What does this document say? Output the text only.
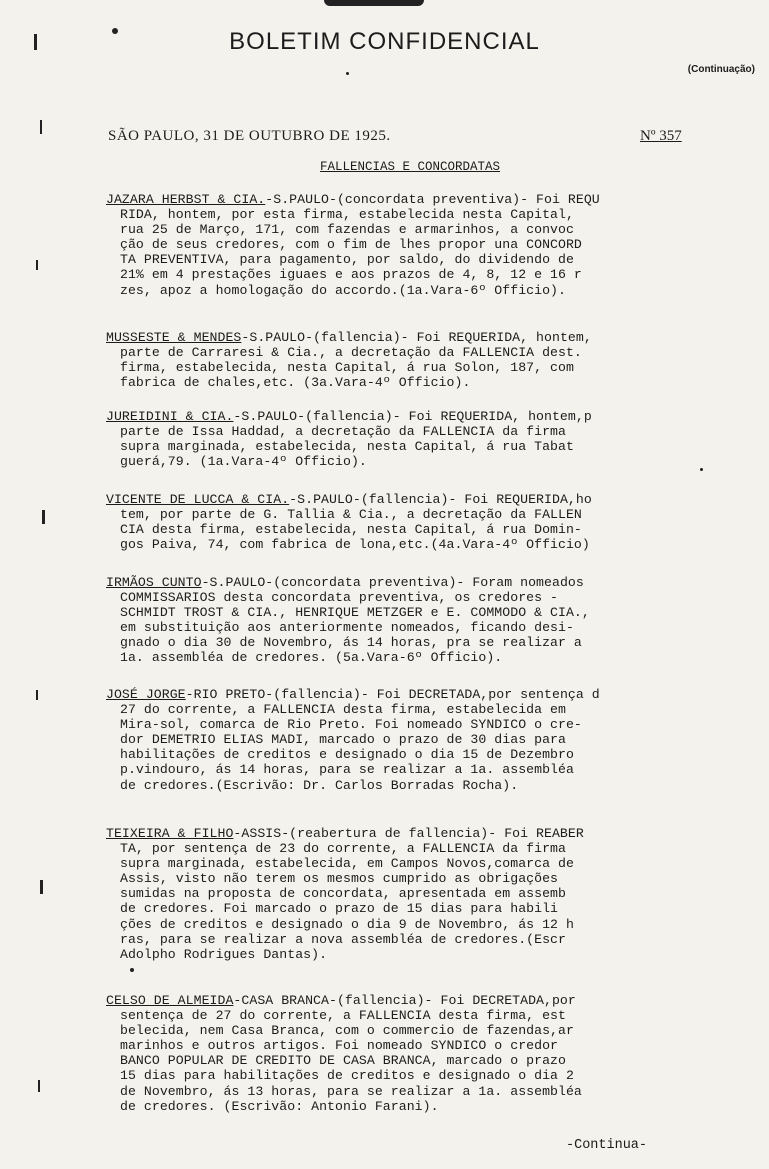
BOLETIM CONFIDENCIAL
(Continuação)
SÃO PAULO, 31 DE OUTUBRO DE 1925.	Nº 357
FALLENCIAS E CONCORDATAS
JAZARA HERBST & CIA.-S.PAULO-(concordata preventiva)- Foi REQU
RIDA, hontem, por esta firma, estabelecida nesta Capital,
rua 25 de Março, 171, com fazendas e armarinhos, a convoc
ção de seus credores, com o fim de lhes propor una CONCORD
TA PREVENTIVA, para pagamento, por saldo, do dividendo de
21% em 4 prestações iguaes e aos prazos de 4, 8, 12 e 16 r
zes, apoz a homologação do accordo.(1a.Vara-6º Officio).
MUSSESTE & MENDES-S.PAULO-(fallencia)- Foi REQUERIDA, hontem,
parte de Carraresi & Cia., a decretação da FALLENCIA dest.
firma, estabelecida, nesta Capital, á rua Solon, 187, com
fabrica de chales,etc. (3a.Vara-4º Officio).
JUREIDINI & CIA.-S.PAULO-(fallencia)- Foi REQUERIDA, hontem,p
parte de Issa Haddad, a decretação da FALLENCIA da firma
supra marginada, estabelecida, nesta Capital, á rua Tabat
guerá,79. (1a.Vara-4º Officio).
VICENTE DE LUCCA & CIA.-S.PAULO-(fallencia)- Foi REQUERIDA,ho
tem, por parte de G. Tallia & Cia., a decretação da FALLEN
CIA desta firma, estabelecida, nesta Capital, á rua Domin-
gos Paiva, 74, com fabrica de lona,etc.(4a.Vara-4º Officio)
IRMÃOS CUNTO-S.PAULO-(concordata preventiva)- Foram nomeados
COMMISSARIOS desta concordata preventiva, os credores -
SCHMIDT TROST & CIA., HENRIQUE METZGER e E. COMMODO & CIA.,
em substituição aos anteriormente nomeados, ficando desi-
gnado o dia 30 de Novembro, ás 14 horas, pra se realizar a
1a. assembléa de credores. (5a.Vara-6º Officio).
JOSÉ JORGE-RIO PRETO-(fallencia)- Foi DECRETADA,por sentença d
27 do corrente, a FALLENCIA desta firma, estabelecida em
Mira-sol, comarca de Rio Preto. Foi nomeado SYNDICO o cre-
dor DEMETRIO ELIAS MADI, marcado o prazo de 30 dias para
habilitações de creditos e designado o dia 15 de Dezembro
p.vindouro, ás 14 horas, para se realizar a 1a. assembléa
de credores.(Escrivão: Dr. Carlos Borradas Rocha).
TEIXEIRA & FILHO-ASSIS-(reabertura de fallencia)- Foi REABER
TA, por sentença de 23 do corrente, a FALLENCIA da firma
supra marginada, estabelecida, em Campos Novos,comarca de
Assis, visto não terem os mesmos cumprido as obrigações
sumidas na proposta de concordata, apresentada em assemb
de credores. Foi marcado o prazo de 15 dias para habili
ções de creditos e designado o dia 9 de Novembro, ás 12 h
ras, para se realizar a nova assembléa de credores.(Escr
Adolpho Rodrigues Dantas).
CELSO DE ALMEIDA-CASA BRANCA-(fallencia)- Foi DECRETADA,por
sentença de 27 do corrente, a FALLENCIA desta firma, est
belecida, nem Casa Branca, com o commercio de fazendas,ar
marinhos e outros artigos. Foi nomeado SYNDICO o credor
BANCO POPULAR DE CREDITO DE CASA BRANCA, marcado o prazo
15 dias para habilitações de creditos e designado o dia 2
de Novembro, ás 13 horas, para se realizar a 1a. assembléa
de credores. (Escrivão: Antonio Farani).
-Continua-
